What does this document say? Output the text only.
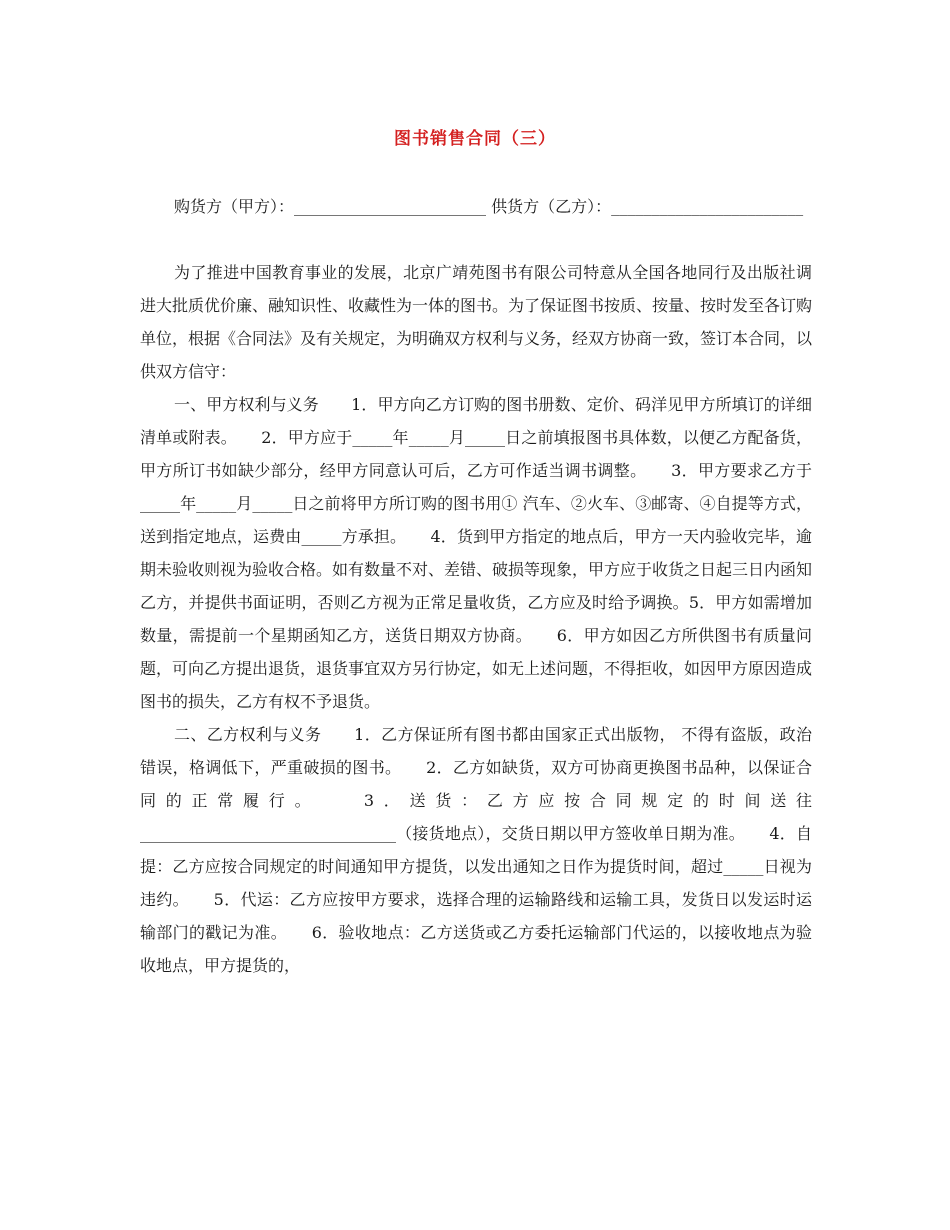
图书销售合同（三）
购货方（甲方）：________________________ 供货方（乙方）：________________________

为了推进中国教育事业的发展，北京广靖苑图书有限公司特意从全国各地同行及出版社调进大批质优价廉、融知识性、收藏性为一体的图书。为了保证图书按质、按量、按时发至各订购单位，根据《合同法》及有关规定，为明确双方权利与义务，经双方协商一致，签订本合同，以供双方信守：

一、甲方权利与义务　　1．甲方向乙方订购的图书册数、定价、码洋见甲方所填订的详细清单或附表。　　2．甲方应于_____年_____月_____日之前填报图书具体数，以便乙方配备货，甲方所订书如缺少部分，经甲方同意认可后，乙方可作适当调书调整。　　3．甲方要求乙方于_____年_____月_____日之前将甲方所订购的图书用① 汽车、②火车、③邮寄、④自提等方式，送到指定地点，运费由_____方承担。　　4．货到甲方指定的地点后，甲方一天内验收完毕，逾期未验收则视为验收合格。如有数量不对、差错、破损等现象，甲方应于收货之日起三日内函知乙方，并提供书面证明，否则乙方视为正常足量收货，乙方应及时给予调换。5．甲方如需增加数量，需提前一个星期函知乙方，送货日期双方协商。　　6．甲方如因乙方所供图书有质量问题，可向乙方提出退货，退货事宜双方另行协定，如无上述问题，不得拒收，如因甲方原因造成图书的损失，乙方有权不予退货。

二、乙方权利与义务　　1．乙方保证所有图书都由国家正式出版物， 不得有盗版，政治错误，格调低下，严重破损的图书。　　2．乙方如缺货，双方可协商更换图书品种，以保证合同的正常履行。　　3．送货：乙方应按合同规定的时间送往________________________________（接货地点），交货日期以甲方签收单日期为准。　　4．自提：乙方应按合同规定的时间通知甲方提货，以发出通知之日作为提货时间，超过_____日视为违约。　　5．代运：乙方应按甲方要求，选择合理的运输路线和运输工具，发货日以发运时运输部门的戳记为准。　　6．验收地点：乙方送货或乙方委托运输部门代运的，以接收地点为验收地点，甲方提货的，
